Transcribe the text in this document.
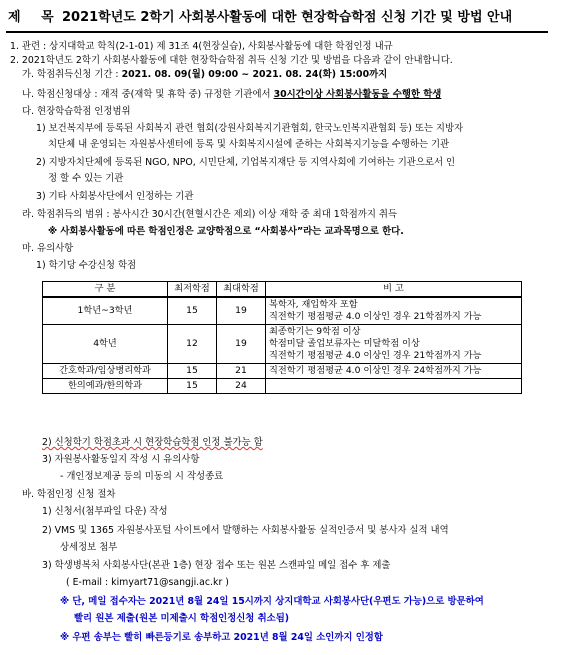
제 목2021학년도 2학기 사회봉사활동에 대한 현장학습학점 신청 기간 및 방법 안내
1. 관련 : 상지대학교 학칙(2-1-01) 제 31조 4(현장실습), 사회봉사활동에 대한 학점인정 내규
2. 2021학년도 2학기 사회봉사활동에 대한 현장학습학점 취득 신청 기간 및 방법을 다음과 같이 안내합니다.
가. 학점취득신청 기간 : 2021. 08. 09(월) 09:00 ~ 2021. 08. 24(화) 15:00까지
나. 학점신청대상 : 재적 중(재학 및 휴학 중) 규정한 기관에서 30시간이상 사회봉사활동을 수행한 학생
다. 현장학습학점 인정범위
1) 보건복지부에 등록된 사회복지 관련 협회(강원사회복지기관협회, 한국노인복지관협회 등) 또는 지방자
치단체 내 운영되는 자원봉사센터에 등록 및 사회복지시설에 준하는 사회복지기능을 수행하는 기관
2) 지방자치단체에 등록된 NGO, NPO, 시민단체, 기업복지재단 등 지역사회에 기여하는 기관으로서 인
정 할 수 있는 기관
3) 기타 사회봉사단에서 인정하는 기관
라. 학점취득의 범위 : 봉사시간 30시간(현혈시간은 제외) 이상 재학 중 최대 1학점까지 취득
※ 사회봉사활동에 따른 학점인정은 교양학점으로 “사회봉사”라는 교과목명으로 한다.
마. 유의사항
1) 학기당 수강신청 학점
구 분	최저학점	최대학점	비 고
1학년~3학년	15	19	복학자, 재입학자 포함
직전학기 평점평균 4.0 이상인 경우 21학점까지 가능

4학년	12	19	최종학기는 9학점 이상
학점미달 졸업보류자는 미달학점 이상
직전학기 평점평균 4.0 이상인 경우 21학점까지 가능

간호학과/임상병리학과	15	21	직전학기 평점평균 4.0 이상인 경우 24학점까지 가능

한의예과/한의학과	15	24	

2) 신청학기 학점초과 시 현장학습학점 인정 불가능 함
3) 자원봉사활동일지 작성 시 유의사항
- 개인정보제공 등의 미동의 시 작성종료
바. 학점인정 신청 절차
1) 신청서(첨부파일 다운) 작성
2) VMS 및 1365 자원봉사포털 사이트에서 발행하는 사회봉사활동 실적인증서 및 봉사자 실적 내역
상세정보 첨부
3) 학생병복처 사회봉사단(본관 1층) 현장 접수 또는 원본 스캔파일 메일 접수 후 제출
( E-mail : kimyart71@sangji.ac.kr )
※ 단, 메일 접수자는 2021년 8월 24일 15시까지 상지대학교 사회봉사단(우편도 가능)으로 방문하여
빨리 원본 제출(원본 미제출시 학점인정신청 취소됨)
※ 우편 송부는 빨히 빠른등기로 송부하고 2021년 8월 24일 소인까지 인정함
